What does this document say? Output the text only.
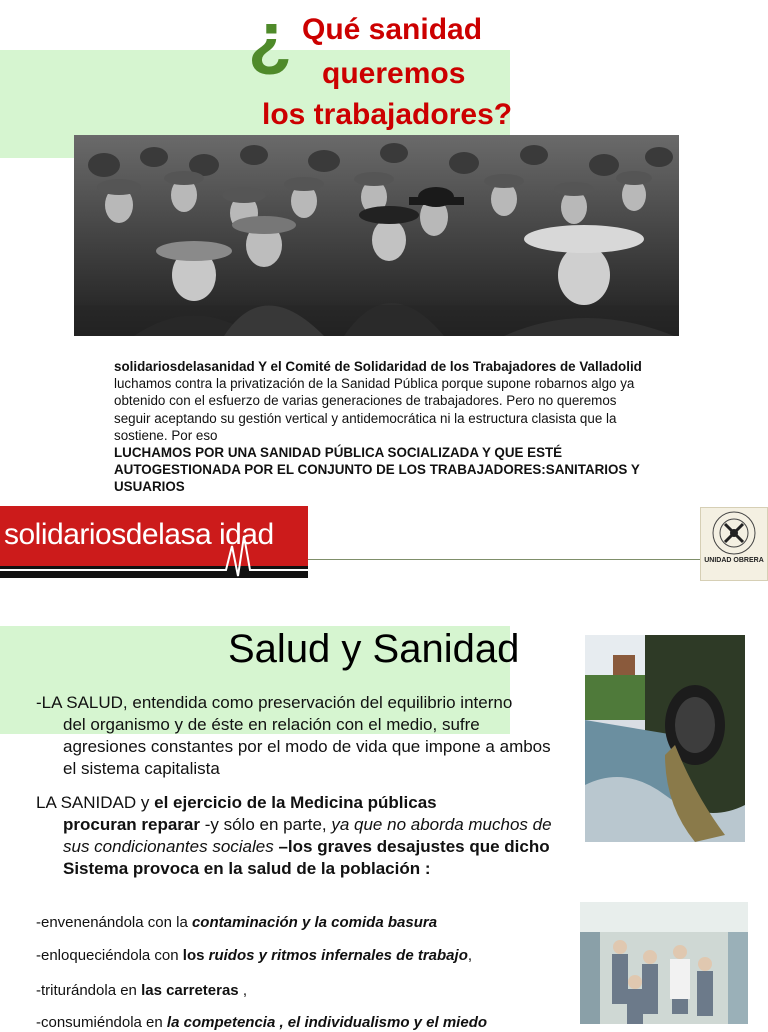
¿ Qué sanidad
queremos
los trabajadores?
solidariosdelasanidad Y el Comité de Solidaridad de los Trabajadores de Valladolid luchamos contra la privatización de la Sanidad Pública porque supone robarnos algo ya obtenido con el esfuerzo de varias generaciones de trabajadores. Pero no queremos seguir aceptando su gestión vertical y antidemocrática ni la estructura clasista que la sostiene. Por eso
LUCHAMOS POR UNA SANIDAD PÚBLICA SOCIALIZADA Y QUE ESTÉ AUTOGESTIONADA POR EL CONJUNTO DE LOS TRABAJADORES:SANITARIOS Y USUARIOS
solidariosdelasa idad
UNIDAD OBRERA
Salud y Sanidad
-LA SALUD, entendida como preservación del equilibrio interno
del organismo y de éste en relación con el medio, sufre agresiones constantes por el modo de vida que impone a ambos el sistema capitalista
LA SANIDAD y el ejercicio de la Medicina públicas
procuran reparar -y sólo en parte, ya que no aborda muchos de sus condicionantes sociales –los graves desajustes que dicho Sistema provoca en la salud de la población :
-envenenándola con la contaminación y la comida basura
-enloqueciéndola con los ruidos y ritmos infernales de trabajo,
-triturándola en las carreteras ,
-consumiéndola en la competencia , el individualismo y el miedo
